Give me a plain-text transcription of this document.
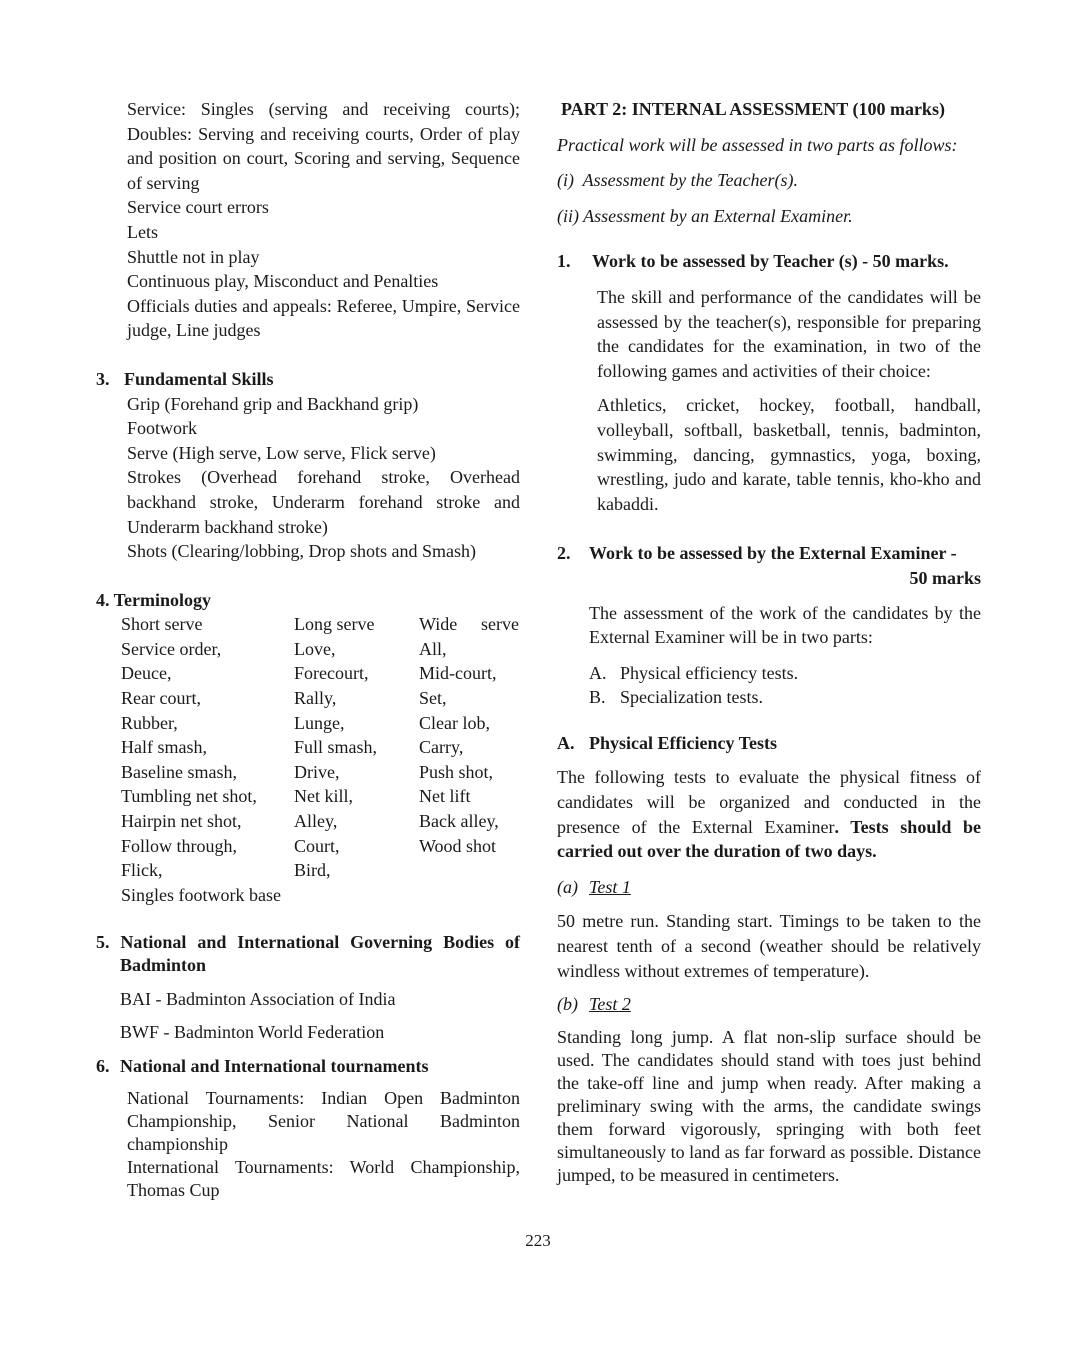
Service: Singles (serving and receiving courts); Doubles: Serving and receiving courts, Order of play and position on court, Scoring and serving, Sequence of serving

Service court errors

Lets

Shuttle not in play

Continuous play, Misconduct and Penalties

Officials duties and appeals: Referee, Umpire, Service judge, Line judges

3. Fundamental Skills

Grip (Forehand grip and Backhand grip)

Footwork

Serve (High serve, Low serve, Flick serve)

Strokes (Overhead forehand stroke, Overhead backhand stroke, Underarm forehand stroke and Underarm backhand stroke)

Shots (Clearing/lobbing, Drop shots and Smash)

4. Terminology

Short serve	Long serve	Wide serve

Service order,	Love,	All,
Deuce,	Forecourt,	Mid-court,
Rear court,	Rally,	Set,
Rubber,	Lunge,	Clear lob,
Half smash,	Full smash,	Carry,
Baseline smash,	Drive,	Push shot,
Tumbling net shot,	Net kill,	Net lift
Hairpin net shot,	Alley,	Back alley,
Follow through,	Court,	Wood shot
Flick,	Bird,	

Singles footwork base

5. National and International Governing Bodies of

Badminton

BAI - Badminton Association of India

BWF - Badminton World Federation

6. National and International tournaments

National Tournaments: Indian Open Badminton Championship, Senior National Badminton championship

International Tournaments: World Championship, Thomas Cup

PART 2: INTERNAL ASSESSMENT (100 marks)

Practical work will be assessed in two parts as follows:

(i)  Assessment by the Teacher(s).

(ii) Assessment by an External Examiner.

1.	Work to be assessed by Teacher (s) - 50 marks.

The skill and performance of the candidates will be assessed by the teacher(s), responsible for preparing the candidates for the examination, in two of the following games and activities of their choice:

Athletics, cricket, hockey, football, handball, volleyball, softball, basketball, tennis, badminton, swimming, dancing, gymnastics, yoga, boxing, wrestling, judo and karate, table tennis, kho-kho and kabaddi.

2.	Work to be assessed by the External Examiner -

50 marks

The assessment of the work of the candidates by the External Examiner will be in two parts:

A. Physical efficiency tests.
B. Specialization tests.
A. Physical Efficiency Tests

The following tests to evaluate the physical fitness of candidates will be organized and conducted in the presence of the External Examiner. Tests should be carried out over the duration of two days.

(a) Test 1

50 metre run. Standing start. Timings to be taken to the nearest tenth of a second (weather should be relatively windless without extremes of temperature).

(b) Test 2

Standing long jump. A flat non-slip surface should be used. The candidates should stand with toes just behind the take-off line and jump when ready. After making a preliminary swing with the arms, the candidate swings them forward vigorously, springing with both feet simultaneously to land as far forward as possible. Distance jumped, to be measured in centimeters.

223
